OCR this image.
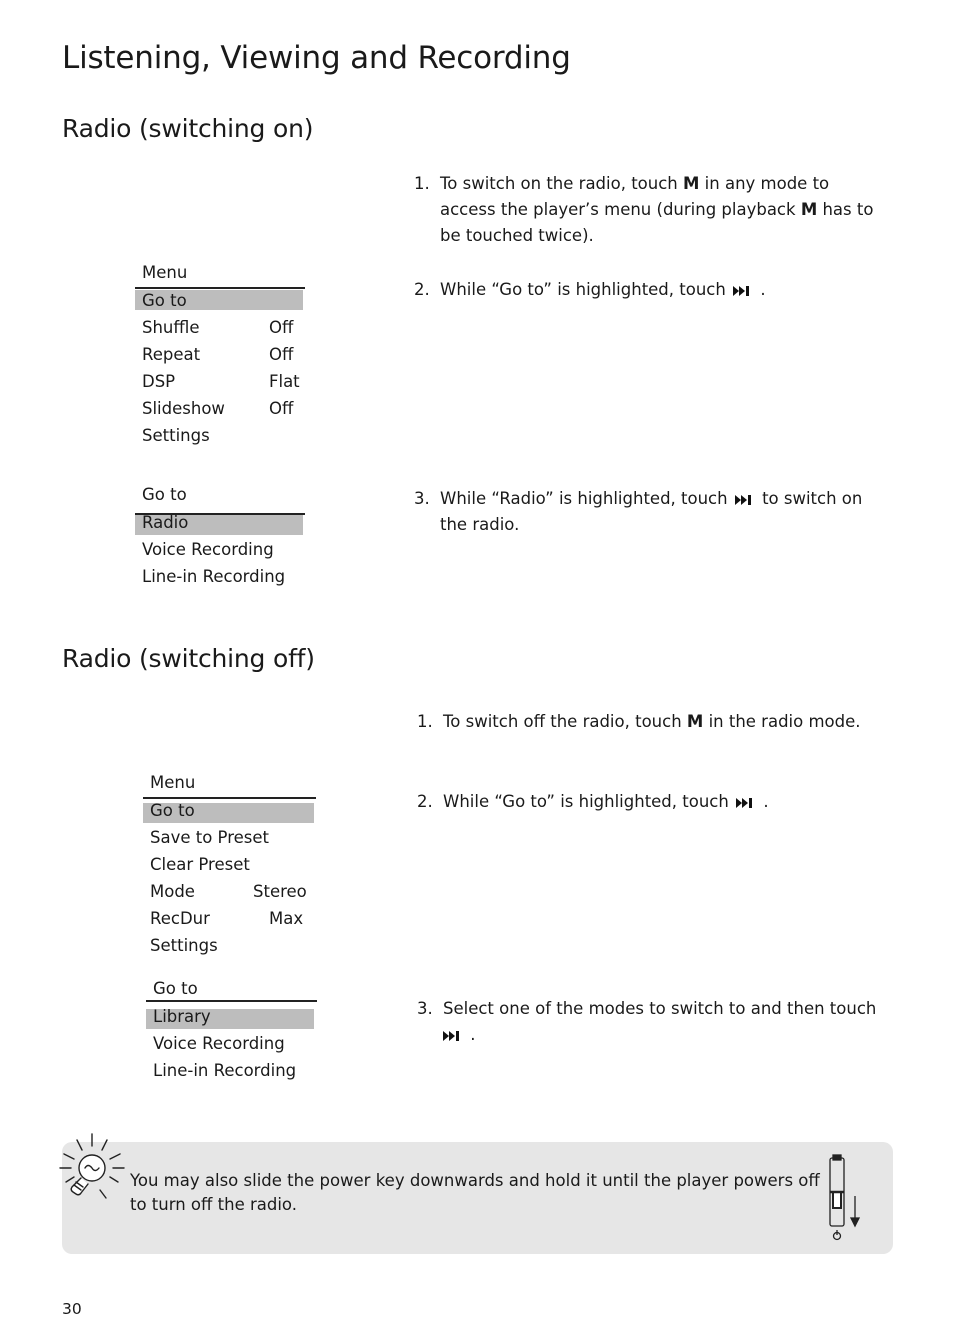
Listening, Viewing and Recording
Radio (switching on)
Menu
Go to
Shuffle	Off
Repeat	Off
DSP	Flat
Slideshow	Off
Settings
Go to
Radio
Voice Recording
Line-in Recording
1. To switch on the radio, touch M in any mode to access the player’s menu (during playback M has to be touched twice).
2. While “Go to” is highlighted, touch  .
3. While “Radio” is highlighted, touch  to switch on the radio.
Radio (switching off)
Menu
Go to
Save to Preset
Clear Preset
Mode	Stereo
RecDur	Max
Settings
Go to
Library
Voice Recording
Line-in Recording
1. To switch off the radio, touch M in the radio mode.
2. While “Go to” is highlighted, touch  .
3. Select one of the modes to switch to and then touch
.
You may also slide the power key downwards and hold it until the player powers off to turn off the radio.
30
